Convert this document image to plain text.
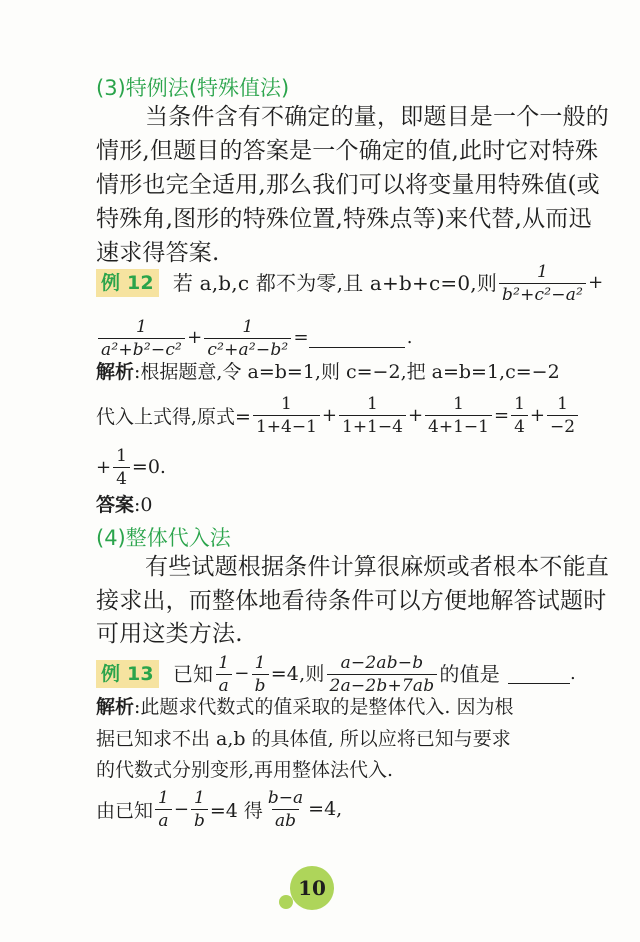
(3)特例法(特殊值法)
当条件含有不确定的量，即题目是一个一般的
情形,但题目的答案是一个确定的值,此时它对特殊
情形也完全适用,那么我们可以将变量用特殊值(或
特殊角,图形的特殊位置,特殊点等)来代替,从而迅
速求得答案.
例 12 若 a,b,c 都不为零,且 a+b+c=0,则 $\frac{1}{\text{b²+c²−a²}}$ +
$\frac{1}{\text{a²+b²−c²}} + \frac{1}{\text{c²+a²−b²}}$ =	.
解析:根据题意,令 a=b=1,则 c=−2,把 a=b=1,c=−2
代入上式得,原式= $\frac{1}{1+4-1} + \frac{1}{1+1-4} + \frac{1}{4+1-1} = \frac{1}{4} + \frac{1}{-2}$
+ $\frac{1}{4} =0$.
答案:0
(4)整体代入法
有些试题根据条件计算很麻烦或者根本不能直
接求出，而整体地看待条件可以方便地解答试题时
可用这类方法.
例 13 已知 $\frac{1}{a} - \frac{1}{b} =4$,则 $\frac{a-2ab-b}{2a-2b+7ab}$ 的值是	.
解析:此题求代数式的值采取的是整体代入. 因为根
据已知求不出 a,b 的具体值, 所以应将已知与要求
的代数式分别变形,再用整体法代入.
由已知 $\frac{1}{a} - \frac{1}{b} =4$ 得 $\frac{b-a}{ab} =4$,
10
